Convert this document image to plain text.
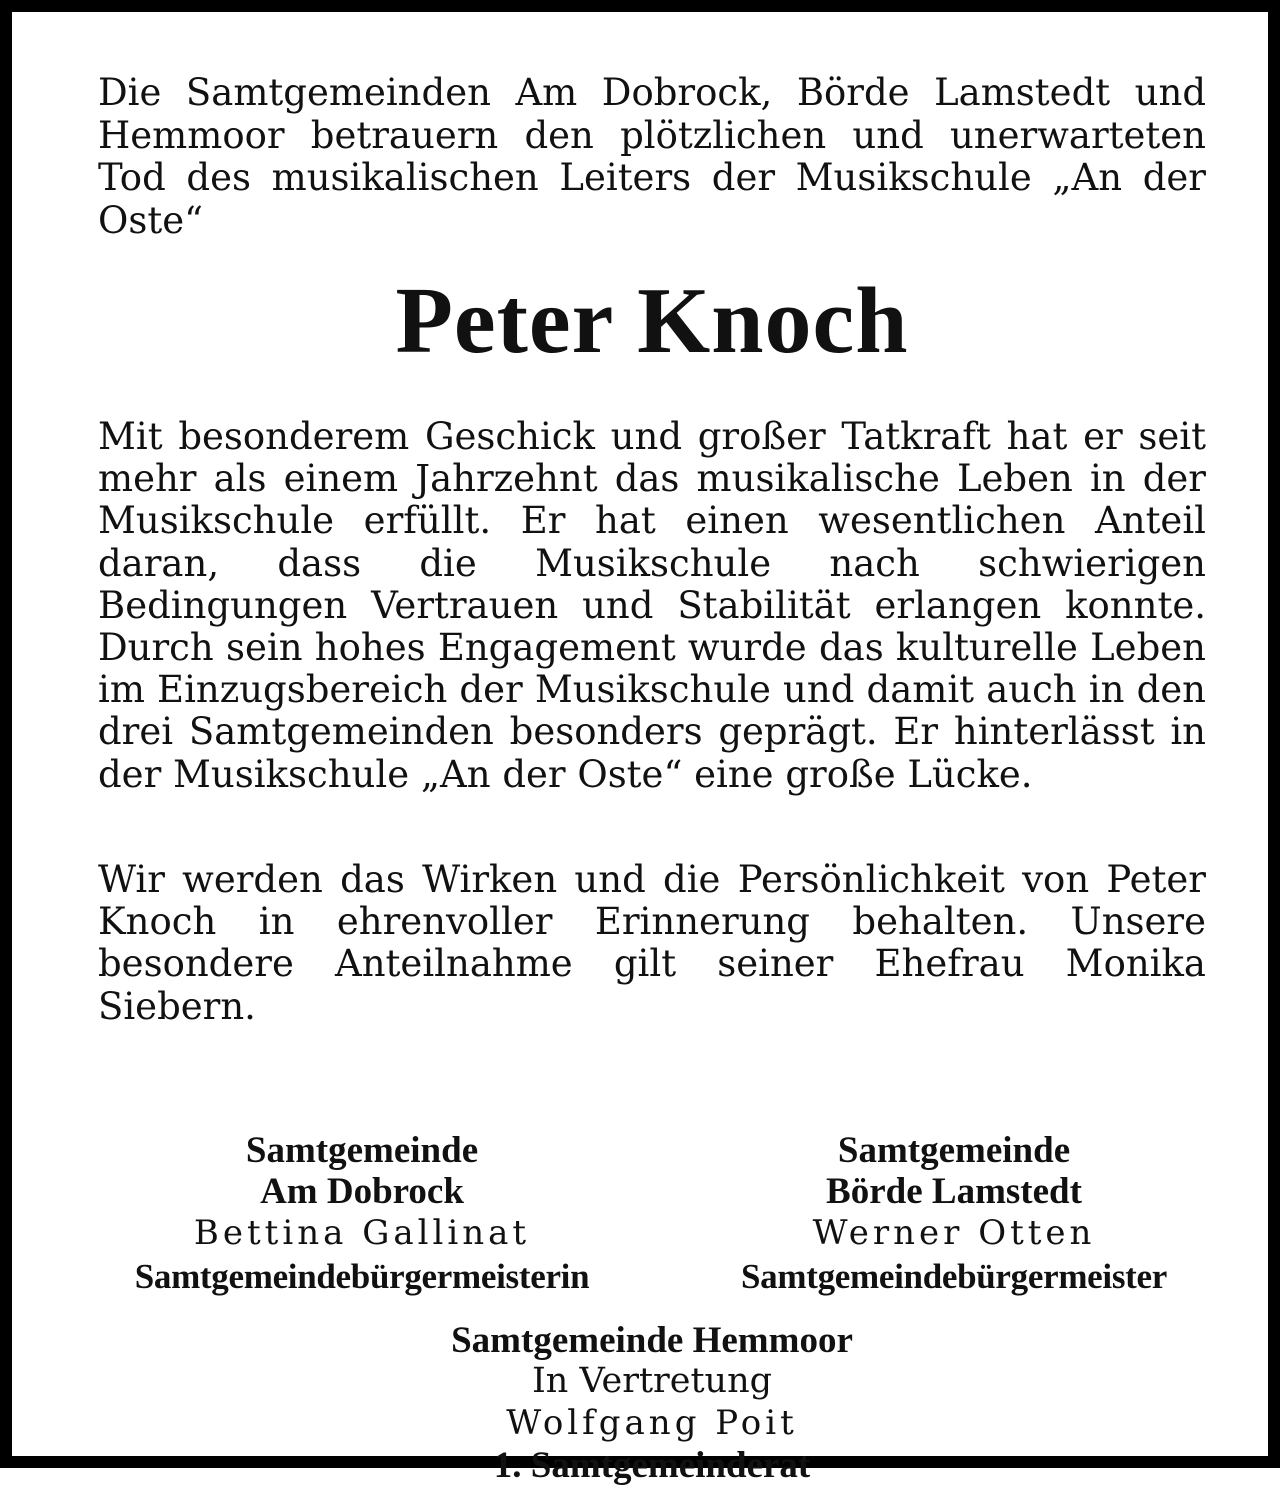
Die Samtgemeinden Am Dobrock, Börde Lamstedt und Hemmoor betrauern den plötzlichen und unerwarteten Tod des musikalischen Leiters der Musikschule „An der Oste“

Peter Knoch

Mit besonderem Geschick und großer Tatkraft hat er seit mehr als einem Jahrzehnt das musikalische Leben in der Musikschule erfüllt. Er hat einen wesentlichen Anteil daran, dass die Musikschule nach schwierigen Bedingungen Vertrauen und Stabilität erlangen konnte. Durch sein hohes Engagement wurde das kulturelle Leben im Einzugsbereich der Musikschule und damit auch in den drei Samtgemeinden besonders geprägt. Er hinterlässt in der Musikschule „An der Oste“ eine große Lücke.

Wir werden das Wirken und die Persönlichkeit von Peter Knoch in ehrenvoller Erinnerung behalten. Unsere besondere Anteilnahme gilt seiner Ehefrau Monika Siebern.

Samtgemeinde
Am Dobrock
Bettina Gallinat
Samtgemeindebürgermeisterin
Samtgemeinde
Börde Lamstedt
Werner Otten
Samtgemeindebürgermeister
Samtgemeinde Hemmoor
In Vertretung
Wolfgang Poit
1. Samtgemeinderat
